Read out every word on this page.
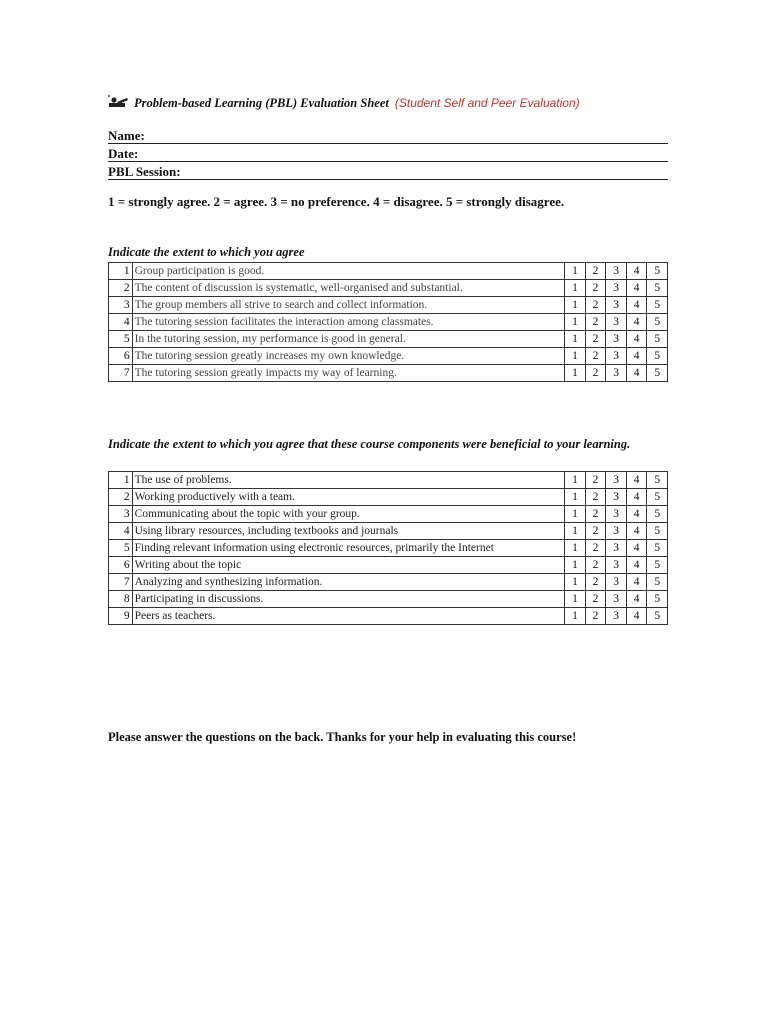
Problem-based Learning (PBL) Evaluation Sheet (Student Self and Peer Evaluation)
Name:
Date:
PBL Session:
1 = strongly agree. 2 = agree. 3 = no preference. 4 = disagree. 5 = strongly disagree.
Indicate the extent to which you agree
1	Group participation is good.	1	2	3	4	5
2	The content of discussion is systematic, well-organised and substantial.	1	2	3	4	5
3	The group members all strive to search and collect information.	1	2	3	4	5
4	The tutoring session facilitates the interaction among classmates.	1	2	3	4	5
5	In the tutoring session, my performance is good in general.	1	2	3	4	5
6	The tutoring session greatly increases my own knowledge.	1	2	3	4	5
7	The tutoring session greatly impacts my way of learning.	1	2	3	4	5
Indicate the extent to which you agree that these course components were beneficial to your learning.
1	The use of problems.	1	2	3	4	5
2	Working productively with a team.	1	2	3	4	5
3	Communicating about the topic with your group.	1	2	3	4	5
4	Using library resources, including textbooks and journals	1	2	3	4	5
5	Finding relevant information using electronic resources, primarily the Internet	1	2	3	4	5
6	Writing about the topic	1	2	3	4	5
7	Analyzing and synthesizing information.	1	2	3	4	5
8	Participating in discussions.	1	2	3	4	5
9	Peers as teachers.	1	2	3	4	5
Please answer the questions on the back. Thanks for your help in evaluating this course!
